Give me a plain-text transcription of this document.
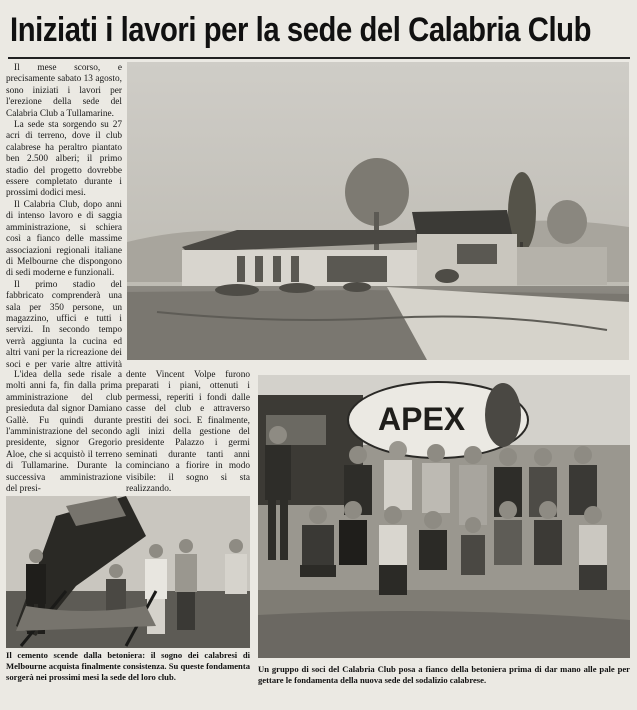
Iniziati i lavori per la sede del Calabria Club

Il mese scorso, e precisamente sabato 13 agosto, sono iniziati i lavori per l'erezione della sede del Calabria Club a Tullamarine.

La sede sta sorgendo su 27 acri di terreno, dove il club calabrese ha peraltro piantato ben 2.500 alberi; il primo stadio del progetto dovrebbe essere completato durante i prossimi dodici mesi.

Il Calabria Club, dopo anni di intenso lavoro e di saggia amministrazione, si schiera così a fianco delle massime associazioni regionali italiane di Melbourne che dispongono di sedi moderne e funzionali.

Il primo stadio del fabbricato comprenderà una sala per 350 persone, un magazzino, uffici e tutti i servizi. In secondo tempo verrà aggiunta la cucina ed altri vani per la ricreazione dei soci e per varie altre attività

L'idea della sede risale a molti anni fa, fin dalla prima amministrazione del club presieduta dal signor Damiano Gallè. Fu quindi durante l'amministrazione del secondo presidente, signor Gregorio Aloe, che si acquistò il terreno di Tullamarine. Durante la successiva amministrazione del presi-

dente Vincent Volpe furono preparati i piani, ottenuti i permessi, reperiti i fondi dalle casse del club e attraverso prestiti dei soci. E finalmente, agli inizi della gestione del presidente Palazzo i germi seminati durante tanti anni cominciano a fiorire in modo visibile: il sogno si sta realizzando.

APEX
Il cemento scende dalla betoniera: il sogno dei calabresi di Melbourne acquista finalmente consistenza. Su queste fondamenta sorgerà nei prossimi mesi la sede del loro club.
Un gruppo di soci del Calabria Club posa a fianco della betoniera prima di dar mano alle pale per gettare le fondamenta della nuova sede del sodalizio calabrese.
